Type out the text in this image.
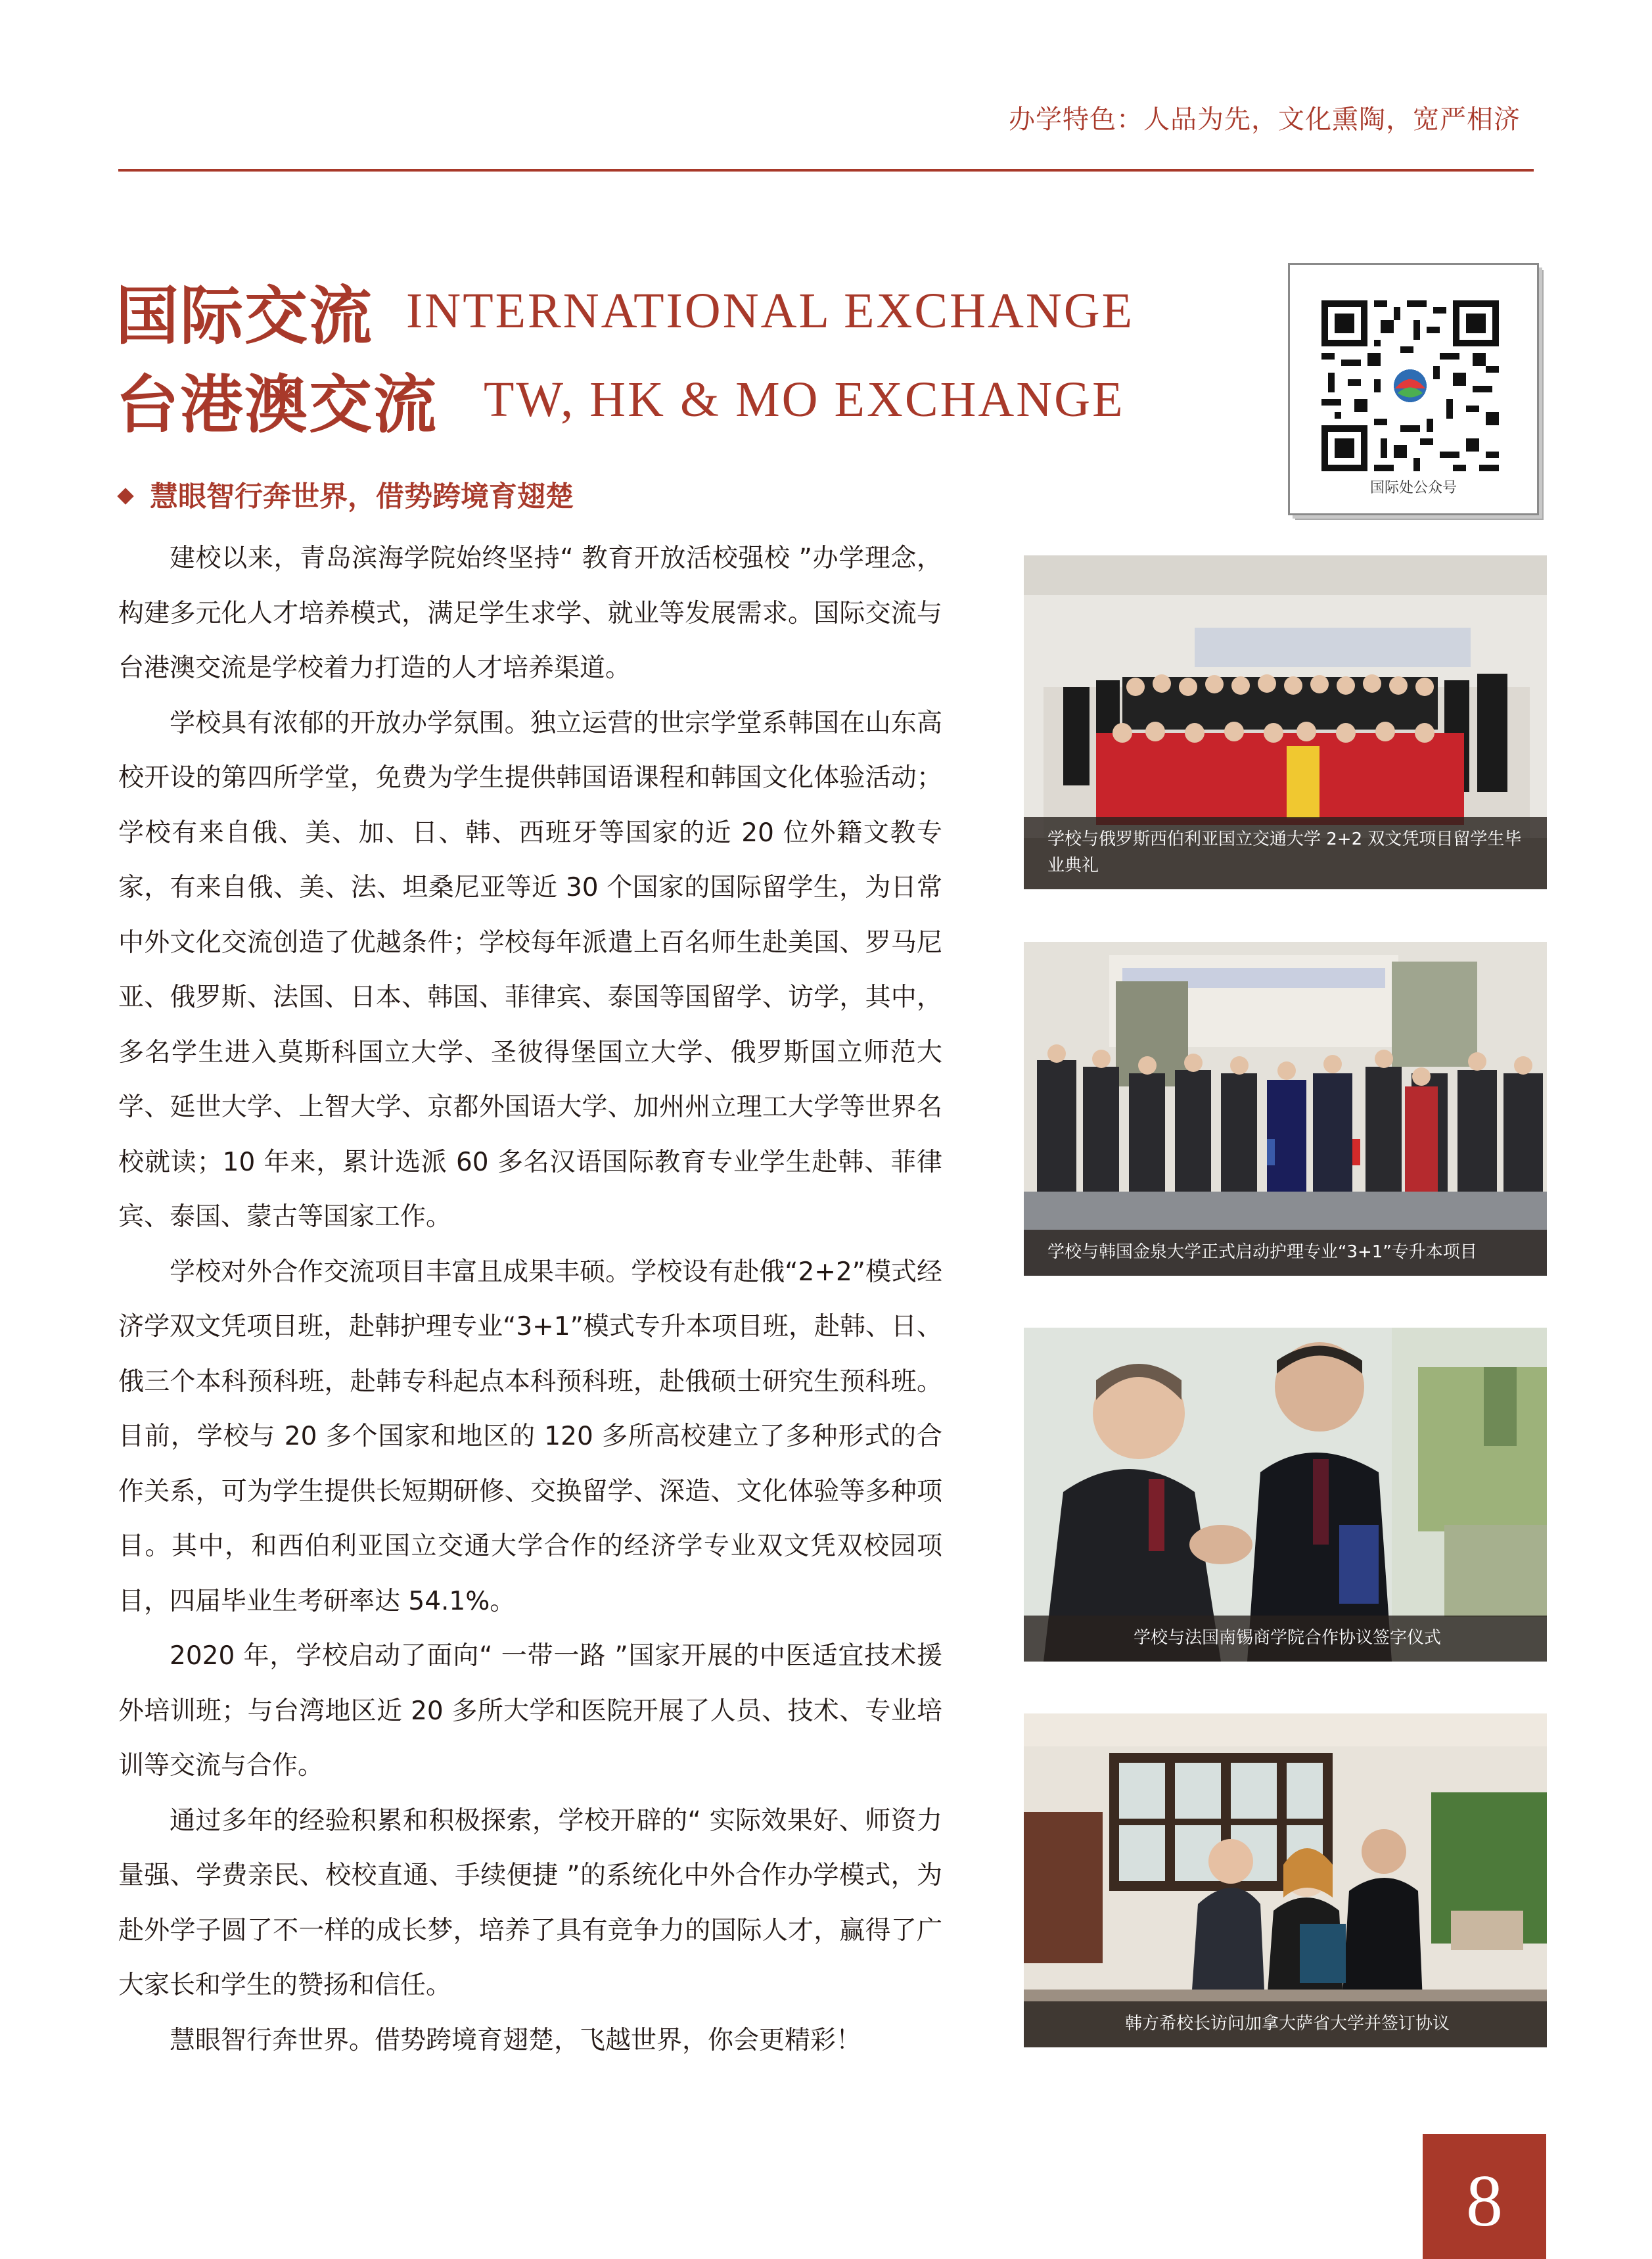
办学特色：人品为先，文化熏陶，宽严相济
国际交流 INTERNATIONAL EXCHANGE
台港澳交流 TW, HK & MO EXCHANGE
国际处公众号
慧眼智行奔世界，借势跨境育翅楚

建校以来，青岛滨海学院始终坚持“ 教育开放活校强校 ”办学理念，构建多元化人才培养模式，满足学生求学、就业等发展需求。国际交流与台港澳交流是学校着力打造的人才培养渠道。

学校具有浓郁的开放办学氛围。独立运营的世宗学堂系韩国在山东高校开设的第四所学堂，免费为学生提供韩国语课程和韩国文化体验活动；学校有来自俄、美、加、日、韩、西班牙等国家的近 20 位外籍文教专家，有来自俄、美、法、坦桑尼亚等近 30 个国家的国际留学生，为日常中外文化交流创造了优越条件；学校每年派遣上百名师生赴美国、罗马尼亚、俄罗斯、法国、日本、韩国、菲律宾、泰国等国留学、访学，其中，多名学生进入莫斯科国立大学、圣彼得堡国立大学、俄罗斯国立师范大学、延世大学、上智大学、京都外国语大学、加州州立理工大学等世界名校就读；10 年来，累计选派 60 多名汉语国际教育专业学生赴韩、菲律宾、泰国、蒙古等国家工作。

学校对外合作交流项目丰富且成果丰硕。学校设有赴俄“2+2”模式经济学双文凭项目班，赴韩护理专业“3+1”模式专升本项目班，赴韩、日、俄三个本科预科班，赴韩专科起点本科预科班，赴俄硕士研究生预科班。目前，学校与 20 多个国家和地区的 120 多所高校建立了多种形式的合作关系，可为学生提供长短期研修、交换留学、深造、文化体验等多种项目。其中，和西伯利亚国立交通大学合作的经济学专业双文凭双校园项目，四届毕业生考研率达 54.1%。

2020 年，学校启动了面向“ 一带一路 ”国家开展的中医适宜技术援外培训班；与台湾地区近 20 多所大学和医院开展了人员、技术、专业培训等交流与合作。

通过多年的经验积累和积极探索，学校开辟的“ 实际效果好、师资力量强、学费亲民、校校直通、手续便捷 ”的系统化中外合作办学模式，为赴外学子圆了不一样的成长梦，培养了具有竞争力的国际人才，赢得了广大家长和学生的赞扬和信任。

慧眼智行奔世界。借势跨境育翅楚，飞越世界，你会更精彩！

学校与俄罗斯西伯利亚国立交通大学 2+2 双文凭项目留学生毕业典礼
学校与韩国金泉大学正式启动护理专业“3+1”专升本项目
学校与法国南锡商学院合作协议签字仪式
韩方希校长访问加拿大萨省大学并签订协议
8
